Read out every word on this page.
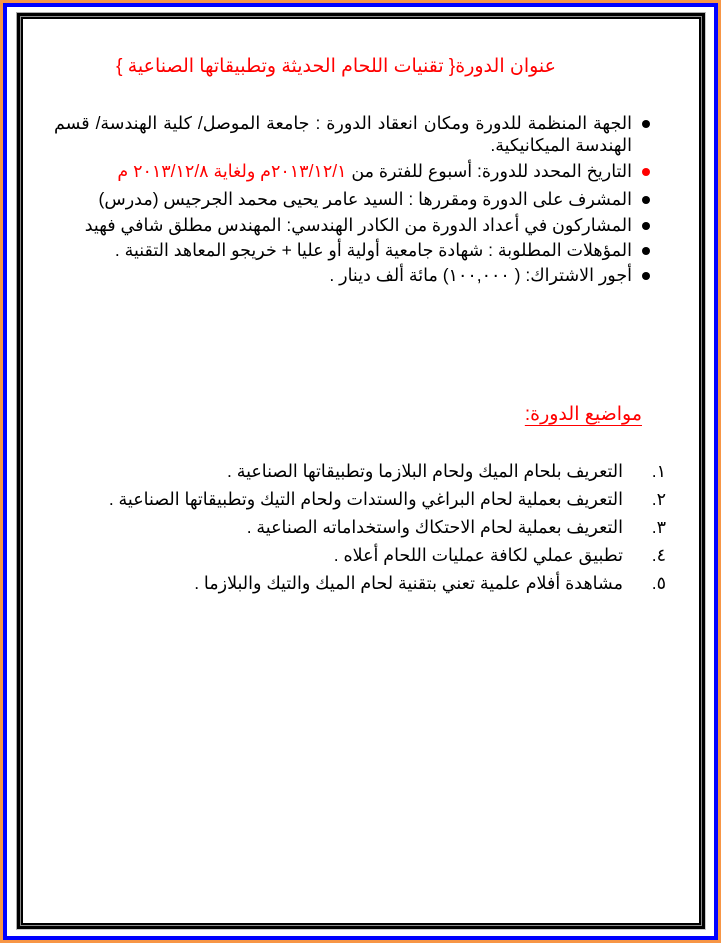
عنوان الدورة{ تقنيات اللحام الحديثة وتطبيقاتها الصناعية }
الجهة المنظمة للدورة ومكان انعقاد الدورة : جامعة الموصل/ كلية الهندسة/ قسم الهندسة الميكانيكية.
التاريخ المحدد للدورة: أسبوع للفترة من ٢٠١٣/١٢/١م ولغاية ٢٠١٣/١٢/٨ م
المشرف على الدورة ومقررها : السيد عامر يحيى محمد الجرجيس (مدرس)
المشاركون في أعداد الدورة من الكادر الهندسي: المهندس مطلق شافي فهيد
المؤهلات المطلوبة : شهادة جامعية أولية أو عليا + خريجو المعاهد التقنية .
أجور الاشتراك: ( ١٠٠,٠٠٠) مائة ألف دينار .
مواضيع الدورة:
١.
التعريف بلحام الميك ولحام البلازما وتطبيقاتها الصناعية .
٢.
التعريف بعملية لحام البراغي والستدات ولحام التيك وتطبيقاتها الصناعية .
٣.
التعريف بعملية لحام الاحتكاك واستخداماته الصناعية .
٤.
تطبيق عملي لكافة عمليات اللحام أعلاه .
٥.
مشاهدة أفلام علمية تعني بتقنية لحام الميك والتيك والبلازما .
